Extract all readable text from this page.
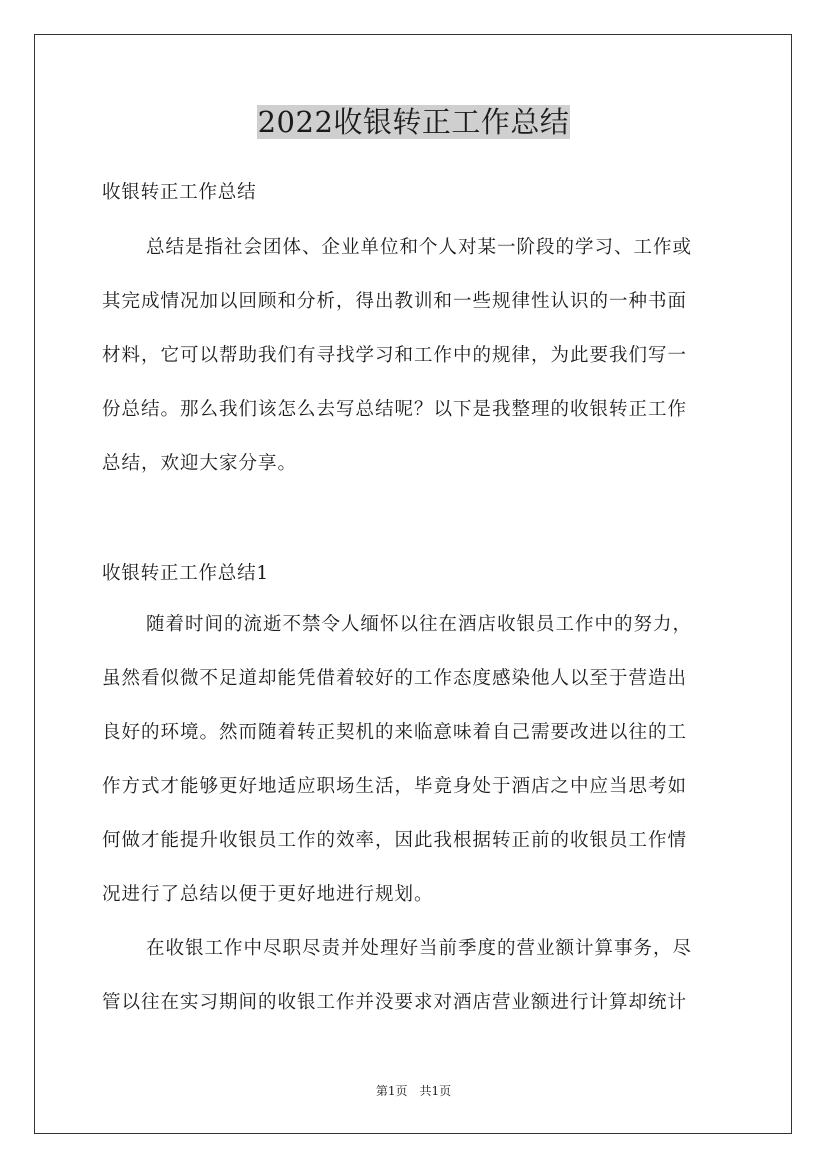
2022收银转正工作总结
收银转正工作总结
总结是指社会团体、企业单位和个人对某一阶段的学习、工作或
其完成情况加以回顾和分析，得出教训和一些规律性认识的一种书面
材料，它可以帮助我们有寻找学习和工作中的规律，为此要我们写一
份总结。那么我们该怎么去写总结呢？以下是我整理的收银转正工作
总结，欢迎大家分享。
收银转正工作总结1
随着时间的流逝不禁令人缅怀以往在酒店收银员工作中的努力，
虽然看似微不足道却能凭借着较好的工作态度感染他人以至于营造出
良好的环境。然而随着转正契机的来临意味着自己需要改进以往的工
作方式才能够更好地适应职场生活，毕竟身处于酒店之中应当思考如
何做才能提升收银员工作的效率，因此我根据转正前的收银员工作情
况进行了总结以便于更好地进行规划。
在收银工作中尽职尽责并处理好当前季度的营业额计算事务，尽
管以往在实习期间的收银工作并没要求对酒店营业额进行计算却统计
第1页　共1页
